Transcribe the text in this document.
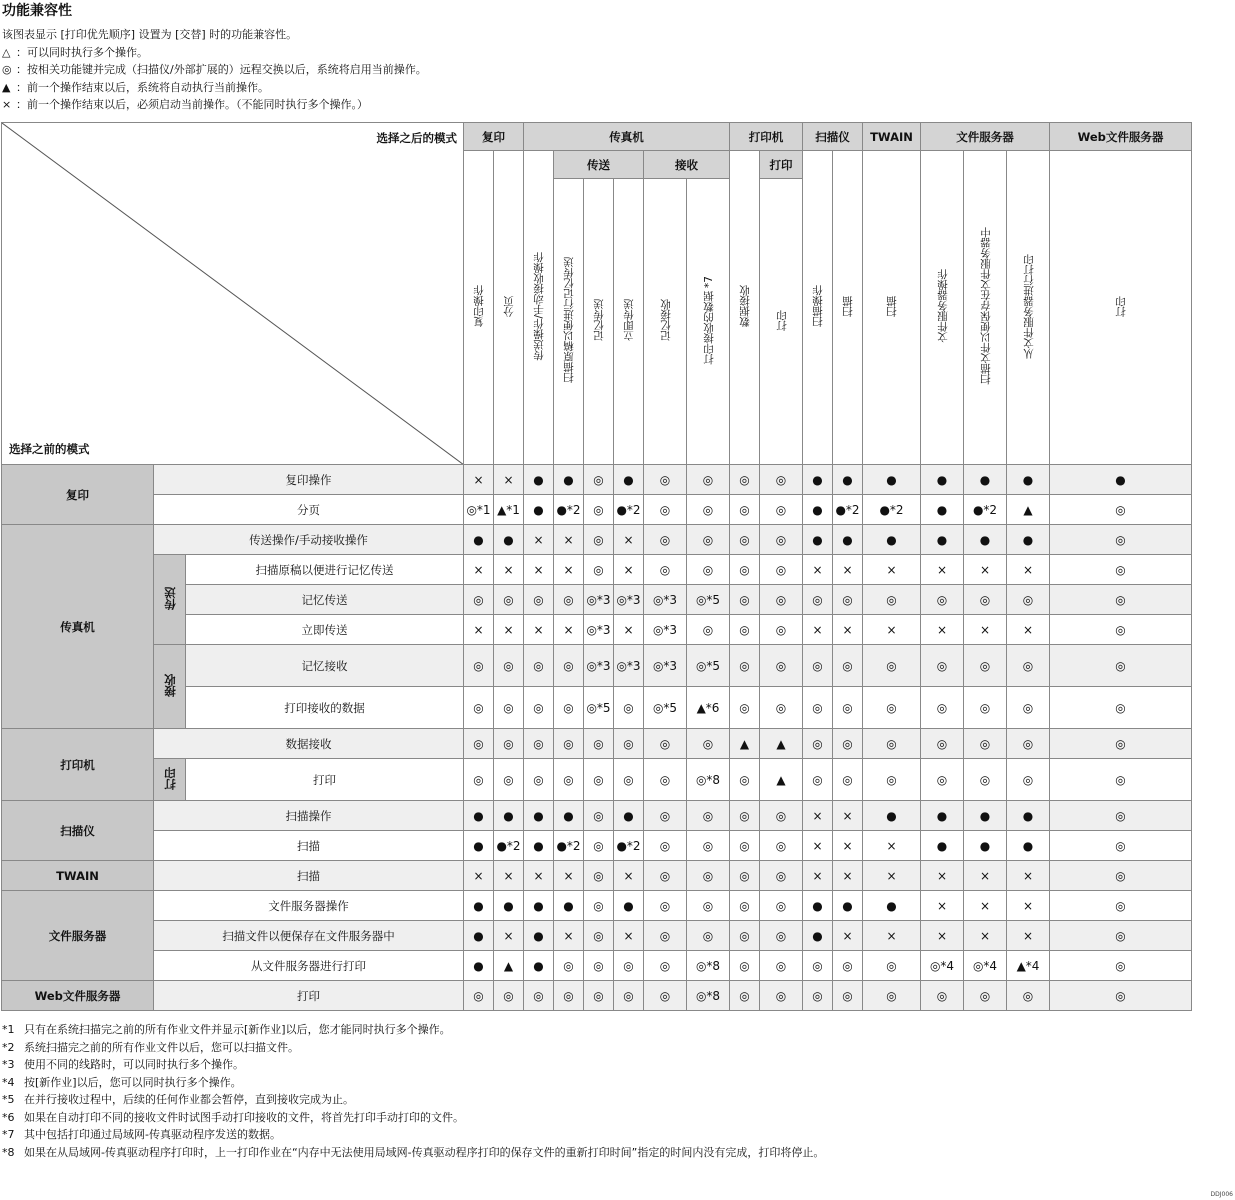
功能兼容性
该图表显示 [打印优先顺序] 设置为 [交替] 时的功能兼容性。
△ ：可以同时执行多个操作。
◎ ：按相关功能键并完成（扫描仪/外部扩展的）远程交换以后，系统将启用当前操作。
▲ ：前一个操作结束以后，系统将自动执行当前操作。
× ：前一个操作结束以后，必须启动当前操作。（不能同时执行多个操作。）
选择之后的模式
选择之前的模式			复印		传真机						打印机		扫描仪		TWAIN	文件服务器			Web文件服务器
			复印操作	分页	传送操作/手动接收操作	传送			接收		数据接收	打印	扫描操作	扫描	扫描	文件服务器操作	扫描文件以便保存在文件服务器中	从文件服务器进行打印	打印
						扫描原稿以便进行记忆传送	记忆传送	立即传送	记忆接收	打印接收的数据 *7		打印							
复印	复印操作		×	×	●	●	◎	●	◎	◎	◎	◎	●	●	●	●	●	●	●
	分页		◎*1	▲*1	●	●*2	◎	●*2	◎	◎	◎	◎	●	●*2	●*2	●	●*2	▲	◎
传真机	传送操作/手动接收操作		●	●	×	×	◎	×	◎	◎	◎	◎	●	●	●	●	●	●	◎
	传送	扫描原稿以便进行记忆传送	×	×	×	×	◎	×	◎	◎	◎	◎	×	×	×	×	×	×	◎
		记忆传送	◎	◎	◎	◎	◎*3	◎*3	◎*3	◎*5	◎	◎	◎	◎	◎	◎	◎	◎	◎
		立即传送	×	×	×	×	◎*3	×	◎*3	◎	◎	◎	×	×	×	×	×	×	◎
	接收	记忆接收	◎	◎	◎	◎	◎*3	◎*3	◎*3	◎*5	◎	◎	◎	◎	◎	◎	◎	◎	◎
		打印接收的数据	◎	◎	◎	◎	◎*5	◎	◎*5	▲*6	◎	◎	◎	◎	◎	◎	◎	◎	◎
打印机	数据接收		◎	◎	◎	◎	◎	◎	◎	◎	▲	▲	◎	◎	◎	◎	◎	◎	◎
	打印	打印	◎	◎	◎	◎	◎	◎	◎	◎*8	◎	▲	◎	◎	◎	◎	◎	◎	◎
扫描仪	扫描操作		●	●	●	●	◎	●	◎	◎	◎	◎	×	×	●	●	●	●	◎
	扫描		●	●*2	●	●*2	◎	●*2	◎	◎	◎	◎	×	×	×	●	●	●	◎
TWAIN	扫描		×	×	×	×	◎	×	◎	◎	◎	◎	×	×	×	×	×	×	◎
文件服务器	文件服务器操作		●	●	●	●	◎	●	◎	◎	◎	◎	●	●	●	×	×	×	◎
	扫描文件以便保存在文件服务器中		●	×	●	×	◎	×	◎	◎	◎	◎	●	×	×	×	×	×	◎
	从文件服务器进行打印		●	▲	●	◎	◎	◎	◎	◎*8	◎	◎	◎	◎	◎	◎*4	◎*4	▲*4	◎
Web文件服务器	打印		◎	◎	◎	◎	◎	◎	◎	◎*8	◎	◎	◎	◎	◎	◎	◎	◎	◎
*1 只有在系统扫描完之前的所有作业文件并显示[新作业]以后，您才能同时执行多个操作。
*2 系统扫描完之前的所有作业文件以后，您可以扫描文件。
*3 使用不同的线路时，可以同时执行多个操作。
*4 按[新作业]以后，您可以同时执行多个操作。
*5 在并行接收过程中，后续的任何作业都会暂停，直到接收完成为止。
*6 如果在自动打印不同的接收文件时试图手动打印接收的文件，将首先打印手动打印的文件。
*7 其中包括打印通过局域网-传真驱动程序发送的数据。
*8 如果在从局域网-传真驱动程序打印时，上一打印作业在“内存中无法使用局域网-传真驱动程序打印的保存文件的重新打印时间”指定的时间内没有完成，打印将停止。
DDJ006
